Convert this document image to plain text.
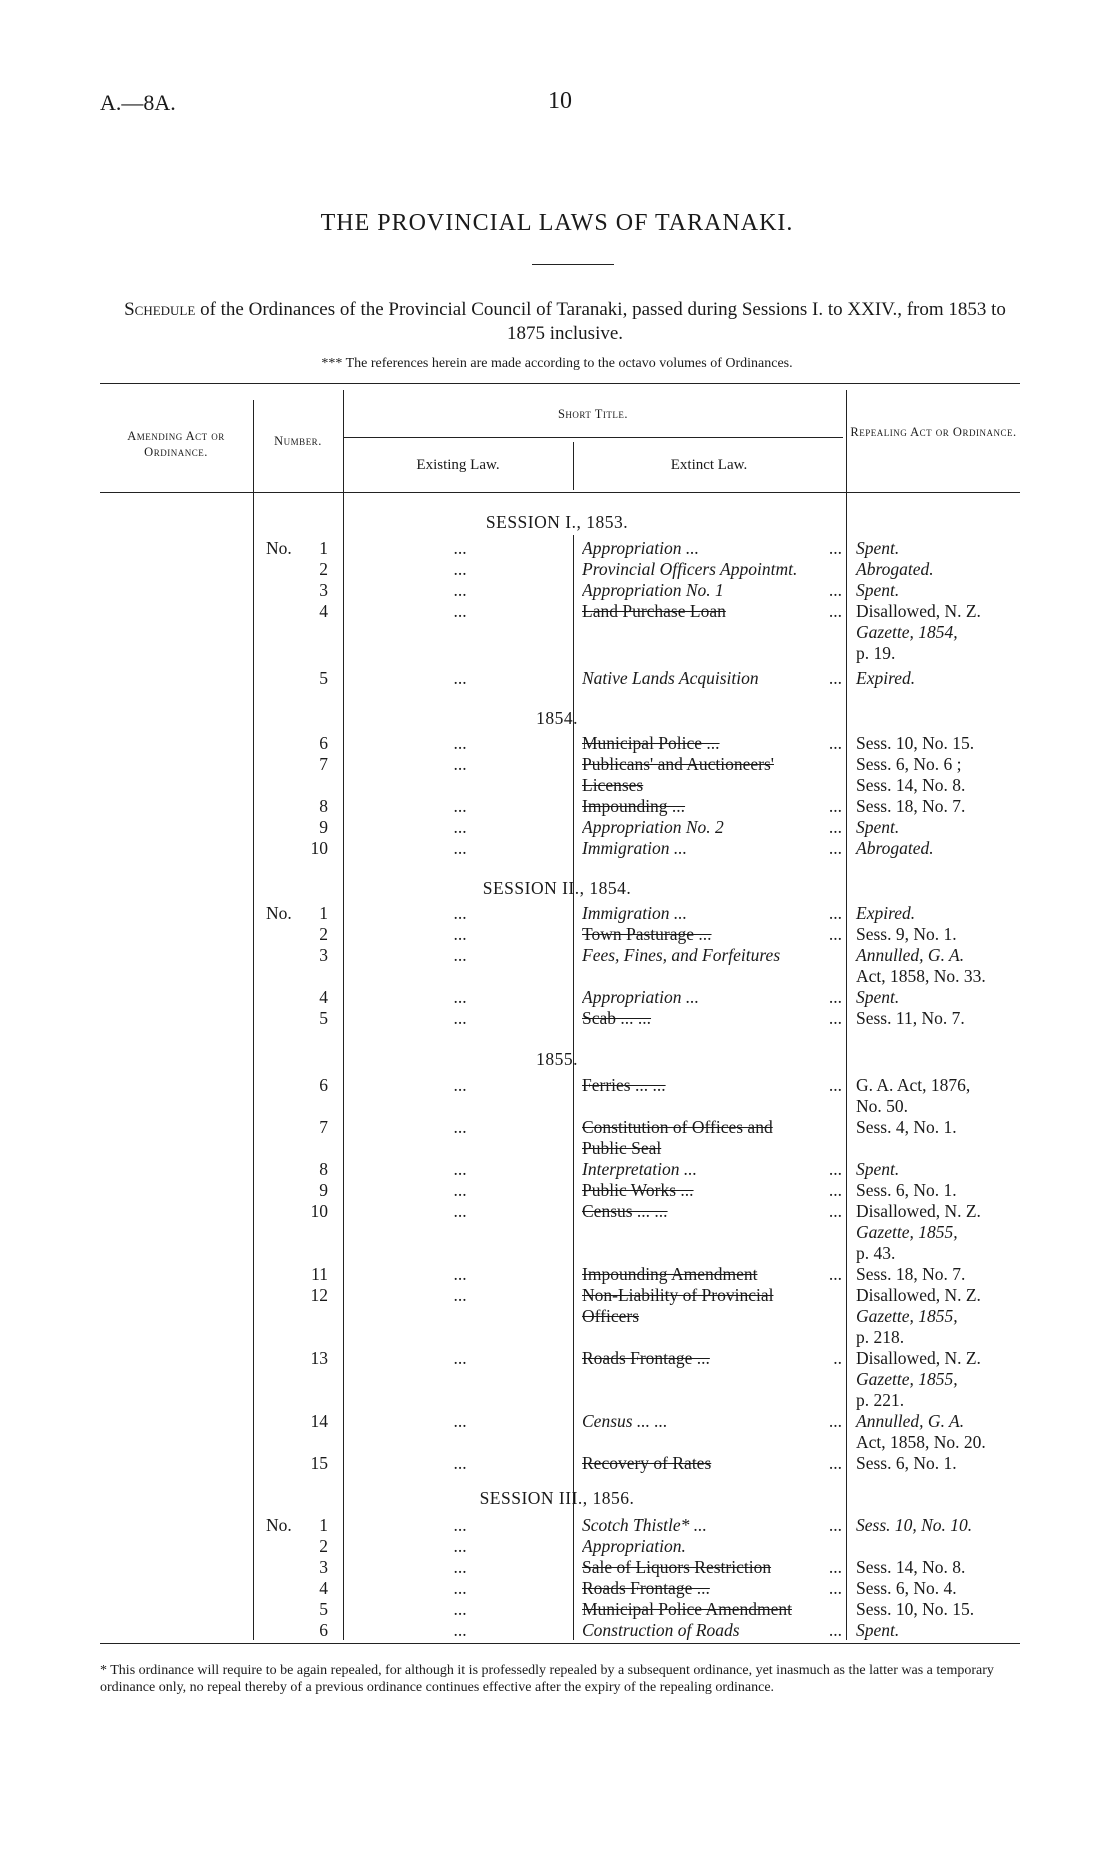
A.—8A.	10
THE PROVINCIAL LAWS OF TARANAKI.
Schedule of the Ordinances of the Provincial Council of Taranaki, passed during Sessions I. to XXIV., from 1853 to 1875 inclusive.
*** The references herein are made according to the octavo volumes of Ordinances.
Amending Act or Ordinance.
Number.
Short Title.
Existing Law.	Extinct Law.
Repealing Act or Ordinance.
SESSION I., 1853.
1854.
SESSION II., 1854.
1855.
SESSION III., 1856.
No.	1	...	Appropriation ...	... Spent.
2	...	Provincial Officers Appointmt.	Abrogated.
3	...	Appropriation No. 1	... Spent.
4	...	Land Purchase Loan	... Disallowed, N. Z.
Gazette, 1854,
p. 19.
5	...	Native Lands Acquisition	... Expired.
6	...	Municipal Police ...	... Sess. 10, No. 15.
7	...	Publicans' and Auctioneers'	Sess. 6, No. 6 ;
Licenses	Sess. 14, No. 8.
8	...	Impounding ...	... Sess. 18, No. 7.
9	...	Appropriation No. 2	... Spent.
10	...	Immigration ...	... Abrogated.
No.	1	...	Immigration ...	... Expired.
2	...	Town Pasturage ...	... Sess. 9, No. 1.
3	...	Fees, Fines, and Forfeitures	Annulled, G. A.
Act, 1858, No. 33.
4	...	Appropriation ...	... Spent.
5	...	Scab ... ...	... Sess. 11, No. 7.
6	...	Ferries ... ...	... G. A. Act, 1876,
No. 50.
7	...	Constitution of Offices and	Sess. 4, No. 1.
Public Seal
8	...	Interpretation ...	... Spent.
9	...	Public Works ...	... Sess. 6, No. 1.
10	...	Census ... ...	... Disallowed, N. Z.
Gazette, 1855,
p. 43.
11	...	Impounding Amendment	... Sess. 18, No. 7.
12	...	Non-Liability of Provincial	Disallowed, N. Z.
Officers	Gazette, 1855,
p. 218.
13	...	Roads Frontage ...	.. Disallowed, N. Z.
Gazette, 1855,
p. 221.
14	...	Census ... ...	... Annulled, G. A.
Act, 1858, No. 20.
15	...	Recovery of Rates	... Sess. 6, No. 1.
No.	1	...	Scotch Thistle* ...	... Sess. 10, No. 10.
2	...	Appropriation.
3	...	Sale of Liquors Restriction	... Sess. 14, No. 8.
4	...	Roads Frontage ...	... Sess. 6, No. 4.
5	...	Municipal Police Amendment	Sess. 10, No. 15.
6	...	Construction of Roads	... Spent.
* This ordinance will require to be again repealed, for although it is professedly repealed by a subsequent ordinance, yet inasmuch as the latter was a temporary ordinance only, no repeal thereby of a previous ordinance continues effective after the expiry of the repealing ordinance.
